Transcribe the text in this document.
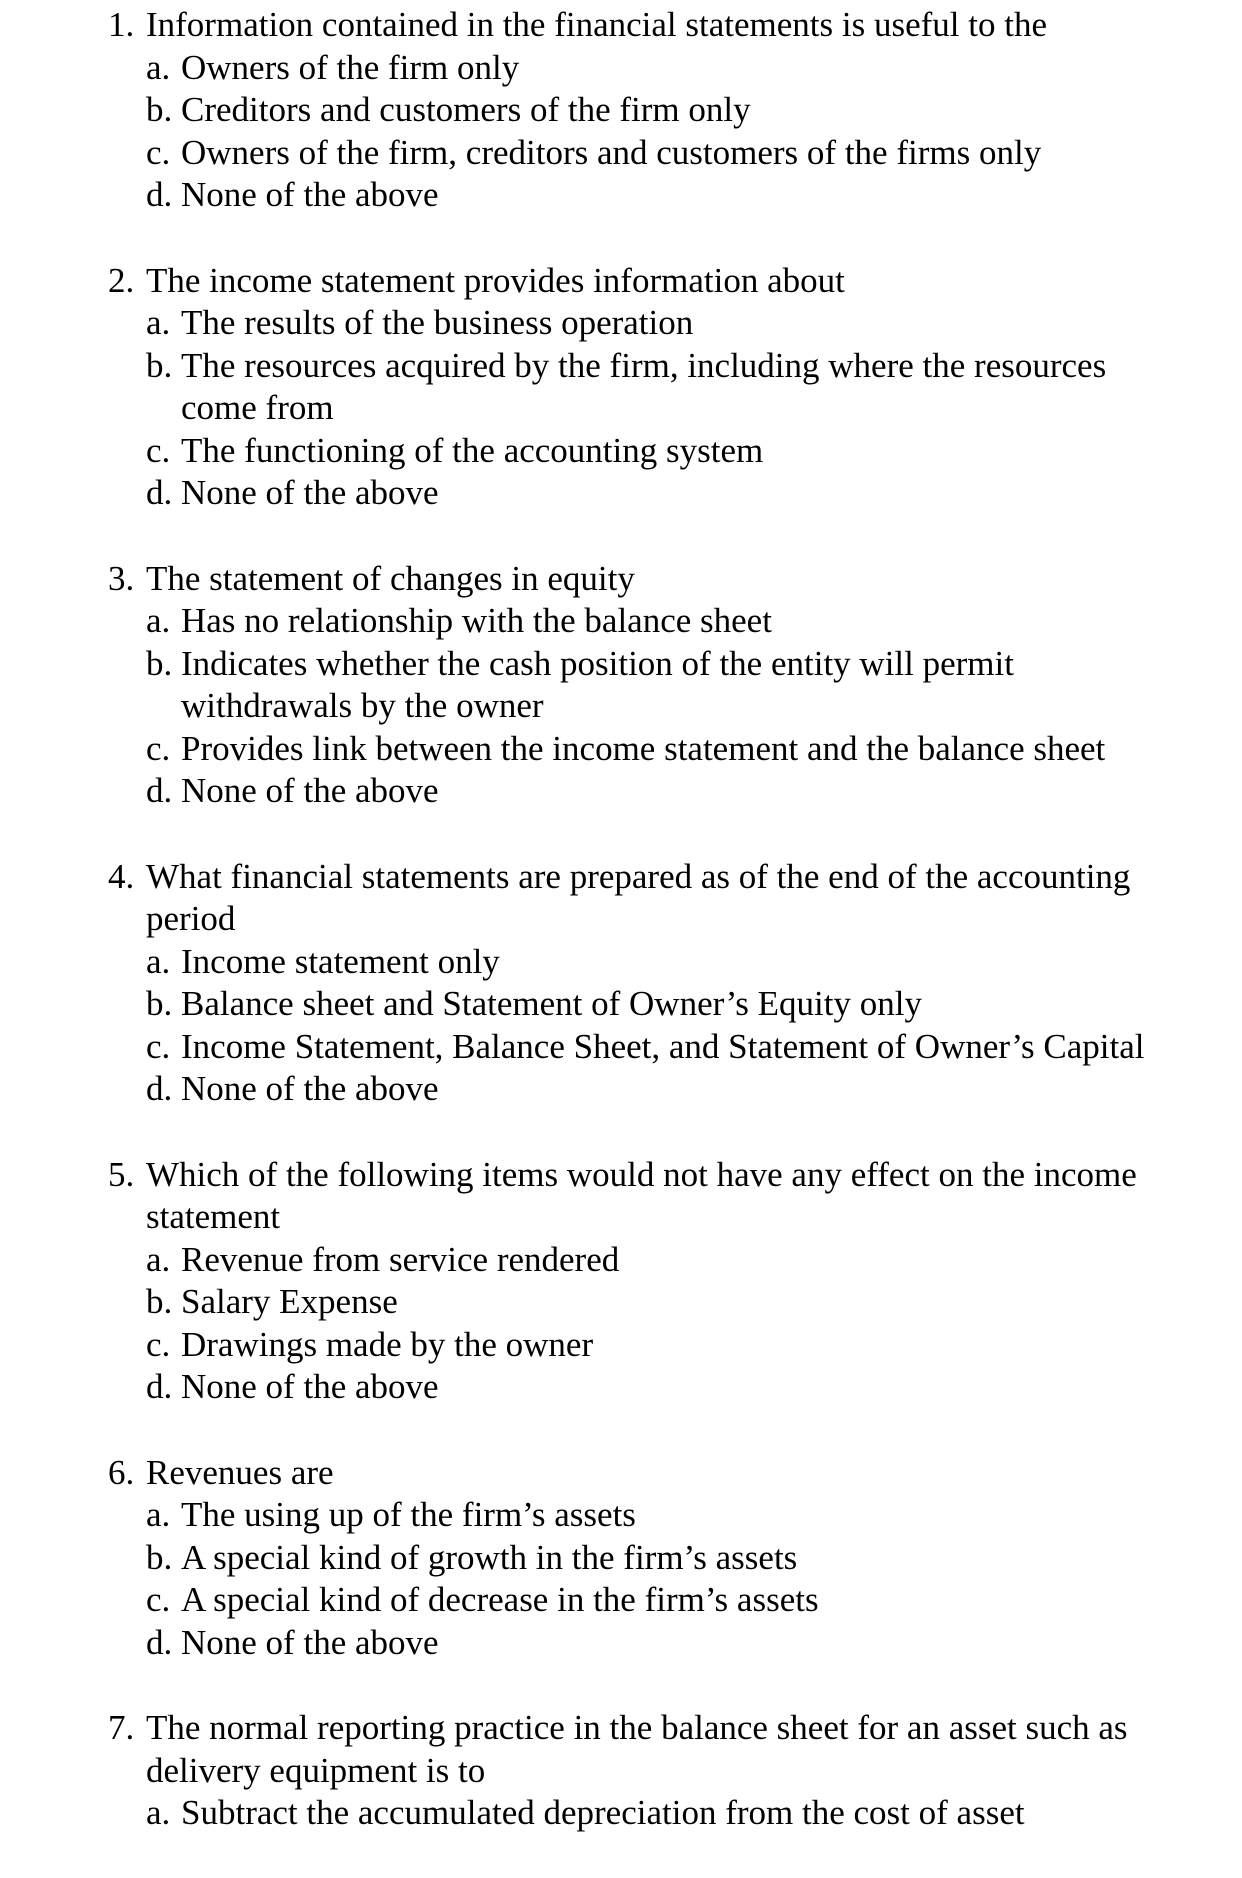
1. Information contained in the financial statements is useful to the
a. Owners of the firm only
b. Creditors and customers of the firm only
c. Owners of the firm, creditors and customers of the firms only
d. None of the above
2. The income statement provides information about
a. The results of the business operation
b. The resources acquired by the firm, including where the resources come from
c. The functioning of the accounting system
d. None of the above
3. The statement of changes in equity
a. Has no relationship with the balance sheet
b. Indicates whether the cash position of the entity will permit withdrawals by the owner
c. Provides link between the income statement and the balance sheet
d. None of the above
4. What financial statements are prepared as of the end of the accounting period
a. Income statement only
b. Balance sheet and Statement of Owner’s Equity only
c. Income Statement, Balance Sheet, and Statement of Owner’s Capital
d. None of the above
5. Which of the following items would not have any effect on the income statement
a. Revenue from service rendered
b. Salary Expense
c. Drawings made by the owner
d. None of the above
6. Revenues are
a. The using up of the firm’s assets
b. A special kind of growth in the firm’s assets
c. A special kind of decrease in the firm’s assets
d. None of the above
7. The normal reporting practice in the balance sheet for an asset such as delivery equipment is to
a. Subtract the accumulated depreciation from the cost of asset
